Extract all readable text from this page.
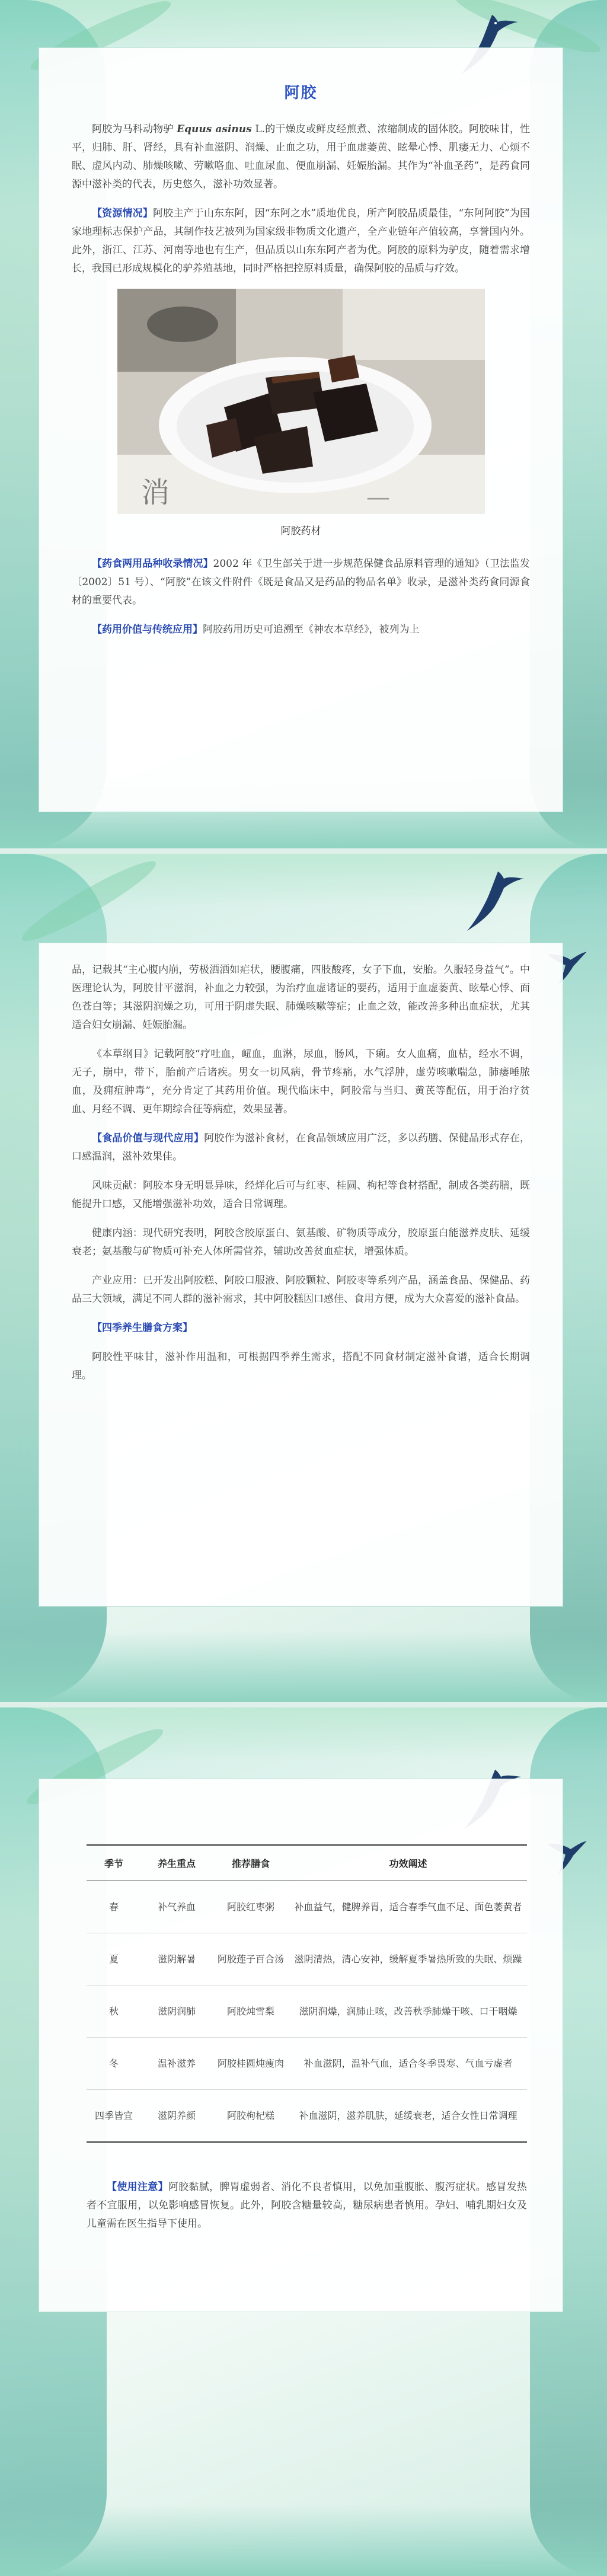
阿胶

阿胶为马科动物驴 Equus asinus L.的干燥皮或鲜皮经煎煮、浓缩制成的固体胶。阿胶味甘，性平，归肺、肝、肾经，具有补血滋阴、润燥、止血之功，用于血虚萎黄、眩晕心悸、肌痿无力、心烦不眠、虚风内动、肺燥咳嗽、劳嗽咯血、吐血尿血、便血崩漏、妊娠胎漏。其作为“补血圣药”，是药食同源中滋补类的代表，历史悠久，滋补功效显著。

【资源情况】阿胶主产于山东东阿，因“东阿之水”质地优良，所产阿胶品质最佳，“东阿阿胶”为国家地理标志保护产品，其制作技艺被列为国家级非物质文化遗产，全产业链年产值较高，享誉国内外。此外，浙江、江苏、河南等地也有生产，但品质以山东东阿产者为优。阿胶的原料为驴皮，随着需求增长，我国已形成规模化的驴养殖基地，同时严格把控原料质量，确保阿胶的品质与疗效。

消	—
阿胶药材

【药食两用品种收录情况】2002 年《卫生部关于进一步规范保健食品原料管理的通知》（卫法监发〔2002〕51 号）、“阿胶”在该文件附件《既是食品又是药品的物品名单》收录，是滋补类药食同源食材的重要代表。

【药用价值与传统应用】阿胶药用历史可追溯至《神农本草经》，被列为上

品，记载其“主心腹内崩，劳极洒洒如疟状，腰腹痛，四肢酸疼，女子下血，安胎。久服轻身益气”。中医理论认为，阿胶甘平滋润，补血之力较强，为治疗血虚诸证的要药，适用于血虚萎黄、眩晕心悸、面色苍白等；其滋阴润燥之功，可用于阴虚失眠、肺燥咳嗽等症；止血之效，能改善多种出血症状，尤其适合妇女崩漏、妊娠胎漏。

《本草纲目》记载阿胶“疗吐血，衄血，血淋，尿血，肠风，下痢。女人血痛，血枯，经水不调，无子，崩中，带下，胎前产后诸疾。男女一切风病，骨节疼痛，水气浮肿，虚劳咳嗽喘急，肺痿唾脓血，及痈疽肿毒”，充分肯定了其药用价值。现代临床中，阿胶常与当归、黄芪等配伍，用于治疗贫血、月经不调、更年期综合征等病症，效果显著。

【食品价值与现代应用】阿胶作为滋补食材，在食品领域应用广泛，多以药膳、保健品形式存在，口感温润，滋补效果佳。

风味贡献：阿胶本身无明显异味，经烊化后可与红枣、桂圆、枸杞等食材搭配，制成各类药膳，既能提升口感，又能增强滋补功效，适合日常调理。

健康内涵：现代研究表明，阿胶含胶原蛋白、氨基酸、矿物质等成分，胶原蛋白能滋养皮肤、延缓衰老；氨基酸与矿物质可补充人体所需营养，辅助改善贫血症状，增强体质。

产业应用：已开发出阿胶糕、阿胶口服液、阿胶颗粒、阿胶枣等系列产品，涵盖食品、保健品、药品三大领域，满足不同人群的滋补需求，其中阿胶糕因口感佳、食用方便，成为大众喜爱的滋补食品。

【四季养生膳食方案】

阿胶性平味甘，滋补作用温和，可根据四季养生需求，搭配不同食材制定滋补食谱，适合长期调理。

季节	养生重点	推荐膳食	功效阐述
春	补气养血	阿胶红枣粥	补血益气，健脾养胃，适合春季气血不足、面色萎黄者
夏	滋阴解暑	阿胶莲子百合汤	滋阴清热，清心安神，缓解夏季暑热所致的失眠、烦躁
秋	滋阴润肺	阿胶炖雪梨	滋阴润燥，润肺止咳，改善秋季肺燥干咳、口干咽燥
冬	温补滋养	阿胶桂圆炖瘦肉	补血滋阴，温补气血，适合冬季畏寒、气血亏虚者
四季皆宜	滋阴养颜	阿胶枸杞糕	补血滋阴，滋养肌肤，延缓衰老，适合女性日常调理

【使用注意】阿胶黏腻，脾胃虚弱者、消化不良者慎用，以免加重腹胀、腹泻症状。感冒发热者不宜服用，以免影响感冒恢复。此外，阿胶含糖量较高，糖尿病患者慎用。孕妇、哺乳期妇女及儿童需在医生指导下使用。
